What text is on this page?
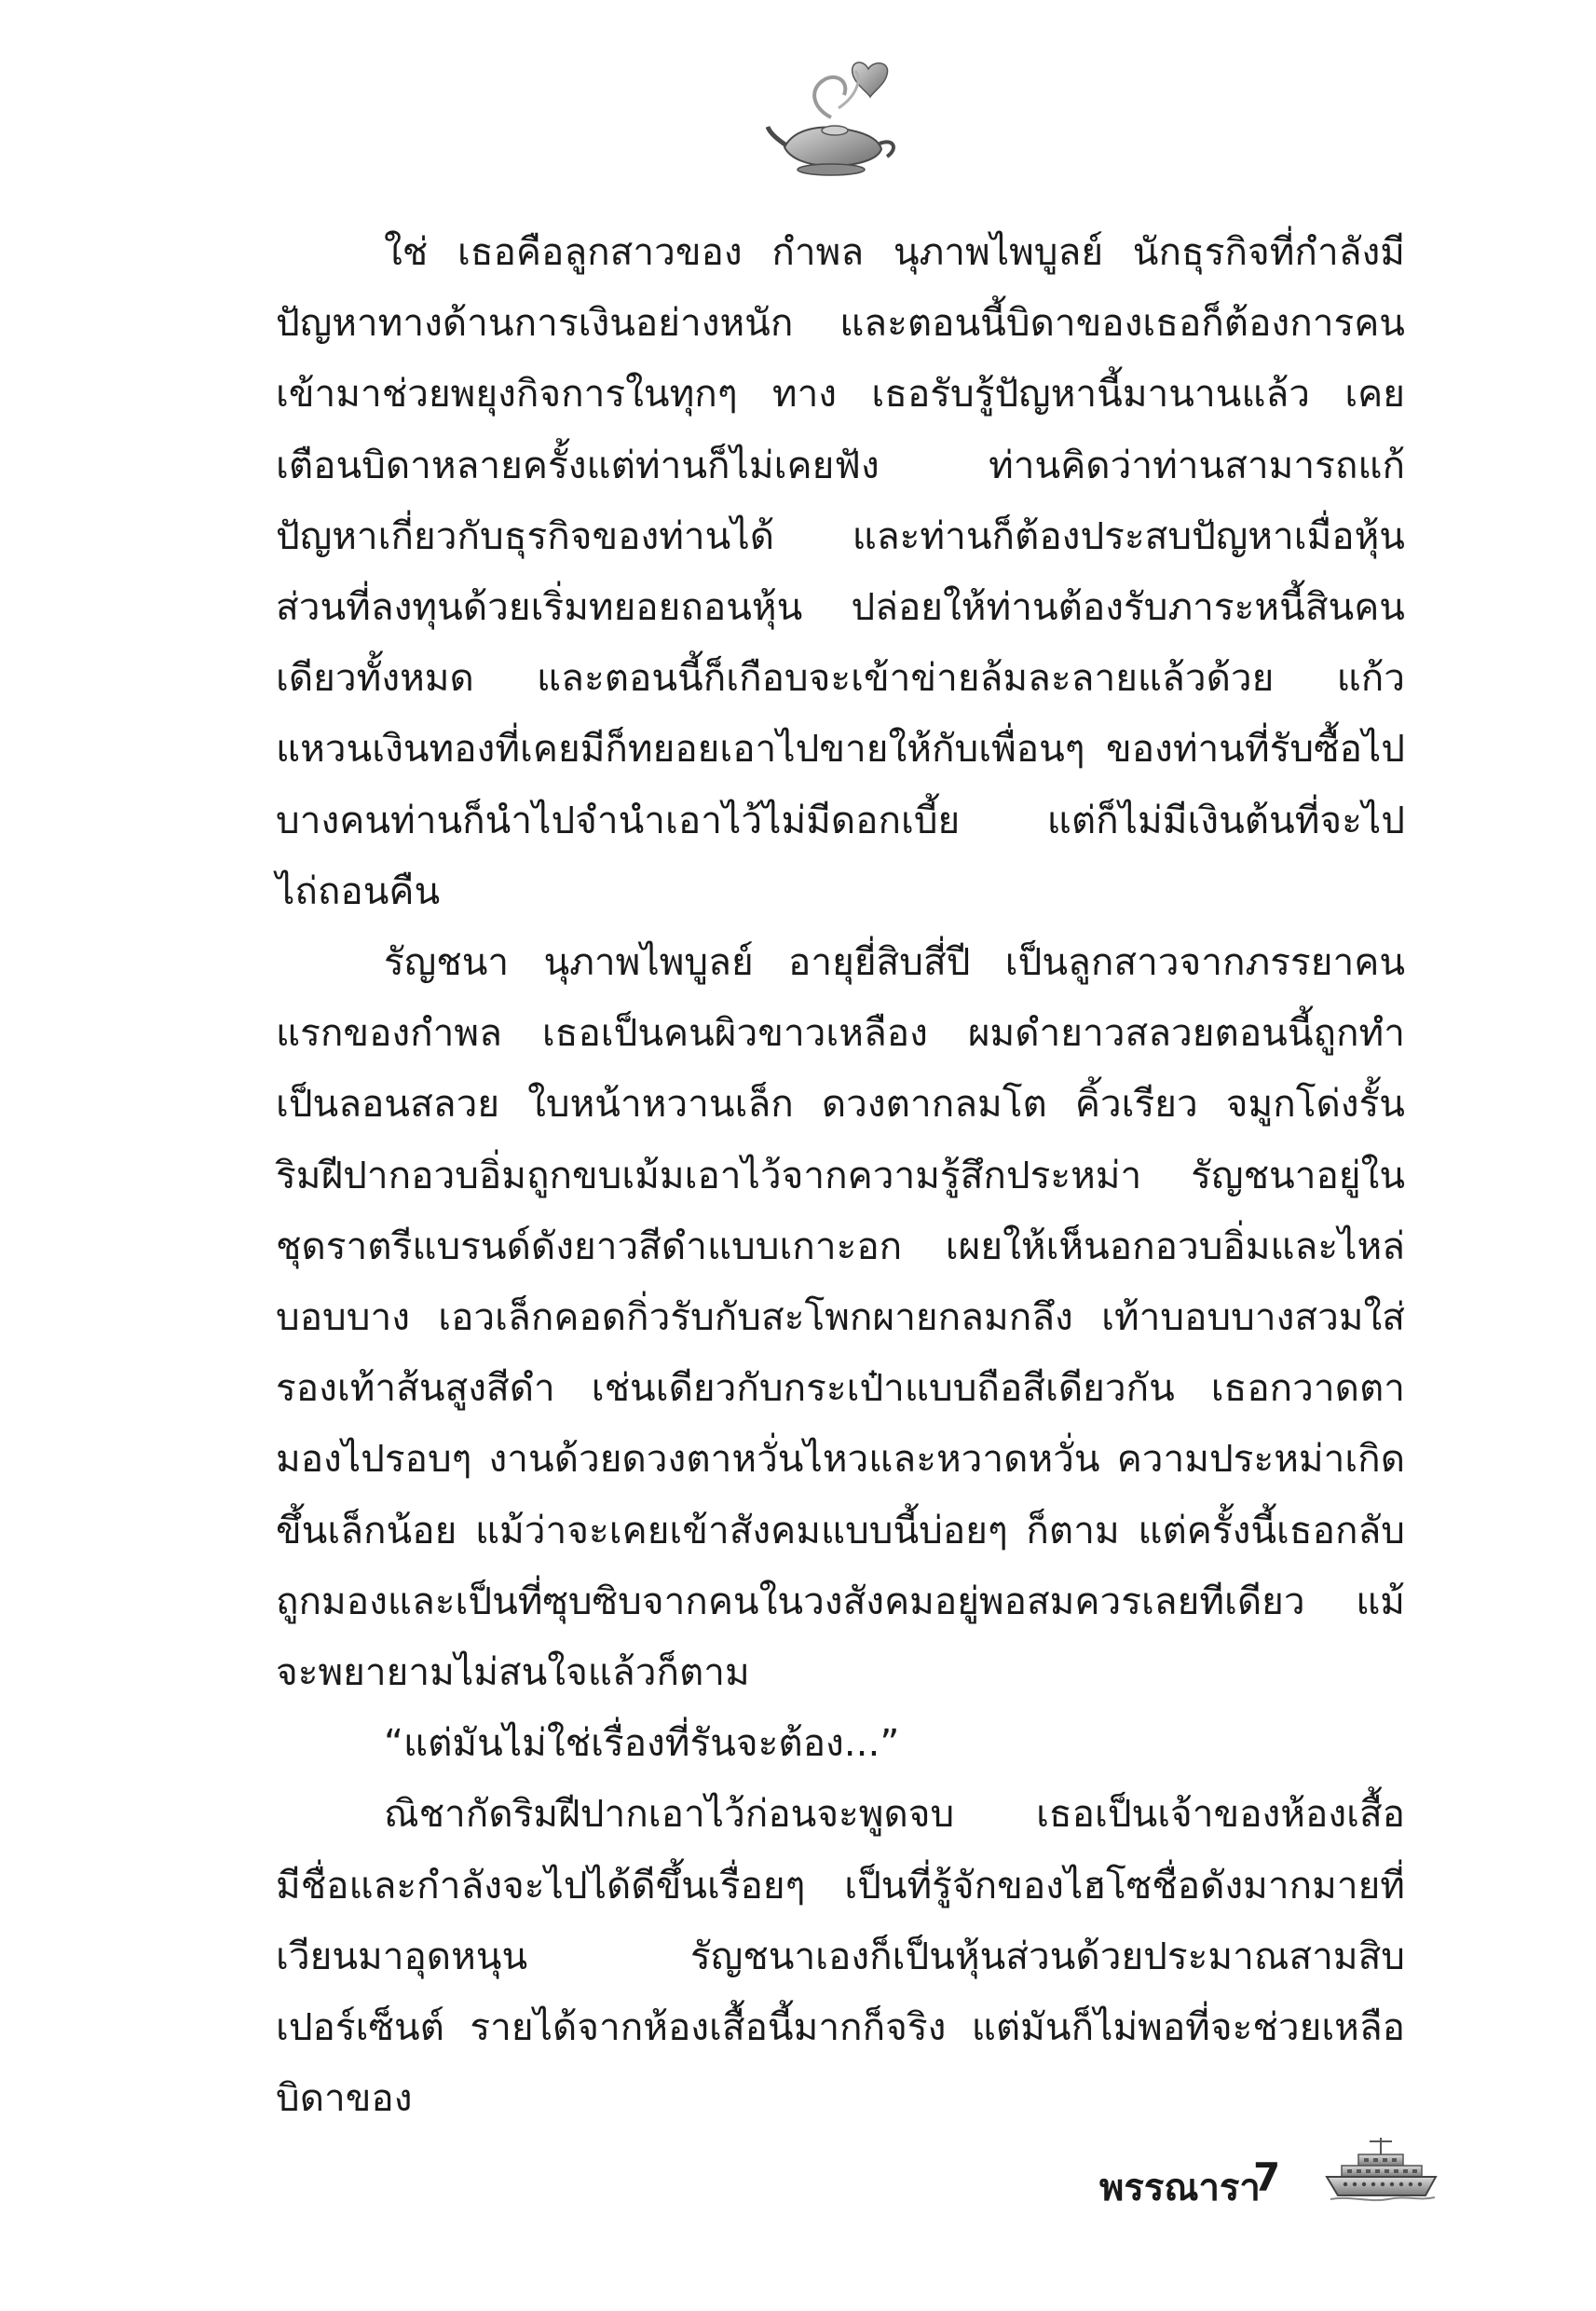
ใช่ เธอคือลูกสาวของ กำพล นุภาพไพบูลย์ นักธุรกิจที่กำลังมีปัญหาทางด้านการเงินอย่างหนัก และตอนนี้บิดาของเธอก็ต้องการคนเข้ามาช่วยพยุงกิจการในทุกๆ ทาง เธอรับรู้ปัญหานี้มานานแล้ว เคยเตือนบิดาหลายครั้งแต่ท่านก็ไม่เคยฟัง ท่านคิดว่าท่านสามารถแก้ปัญหาเกี่ยวกับธุรกิจของท่านได้ และท่านก็ต้องประสบปัญหาเมื่อหุ้นส่วนที่ลงทุนด้วยเริ่มทยอยถอนหุ้น ปล่อยให้ท่านต้องรับภาระหนี้สินคนเดียวทั้งหมด และตอนนี้ก็เกือบจะเข้าข่ายล้มละลายแล้วด้วย แก้วแหวนเงินทองที่เคยมีก็ทยอยเอาไปขายให้กับเพื่อนๆ ของท่านที่รับซื้อไป บางคนท่านก็นำไปจำนำเอาไว้ไม่มีดอกเบี้ย แต่ก็ไม่มีเงินต้นที่จะไปไถ่ถอนคืน

รัญชนา นุภาพไพบูลย์ อายุยี่สิบสี่ปี เป็นลูกสาวจากภรรยาคนแรกของกำพล เธอเป็นคนผิวขาวเหลือง ผมดำยาวสลวยตอนนี้ถูกทำเป็นลอนสลวย ใบหน้าหวานเล็ก ดวงตากลมโต คิ้วเรียว จมูกโด่งรั้น ริมฝีปากอวบอิ่มถูกขบเม้มเอาไว้จากความรู้สึกประหม่า รัญชนาอยู่ในชุดราตรีแบรนด์ดังยาวสีดำแบบเกาะอก เผยให้เห็นอกอวบอิ่มและไหล่บอบบาง เอวเล็กคอดกิ่วรับกับสะโพกผายกลมกลึง เท้าบอบบางสวมใส่รองเท้าส้นสูงสีดำ เช่นเดียวกับกระเป๋าแบบถือสีเดียวกัน เธอกวาดตามองไปรอบๆ งานด้วยดวงตาหวั่นไหวและหวาดหวั่น ความประหม่าเกิดขึ้นเล็กน้อย แม้ว่าจะเคยเข้าสังคมแบบนี้บ่อยๆ ก็ตาม แต่ครั้งนี้เธอกลับถูกมองและเป็นที่ซุบซิบจากคนในวงสังคมอยู่พอสมควรเลยทีเดียว แม้จะพยายามไม่สนใจแล้วก็ตาม

“แต่มันไม่ใช่เรื่องที่รันจะต้อง...”

ณิชากัดริมฝีปากเอาไว้ก่อนจะพูดจบ เธอเป็นเจ้าของห้องเสื้อมีชื่อและกำลังจะไปได้ดีขึ้นเรื่อยๆ เป็นที่รู้จักของไฮโซชื่อดังมากมายที่เวียนมาอุดหนุน รัญชนาเองก็เป็นหุ้นส่วนด้วยประมาณสามสิบเปอร์เซ็นต์ รายได้จากห้องเสื้อนี้มากก็จริง แต่มันก็ไม่พอที่จะช่วยเหลือบิดาของ

พรรณารา
7
